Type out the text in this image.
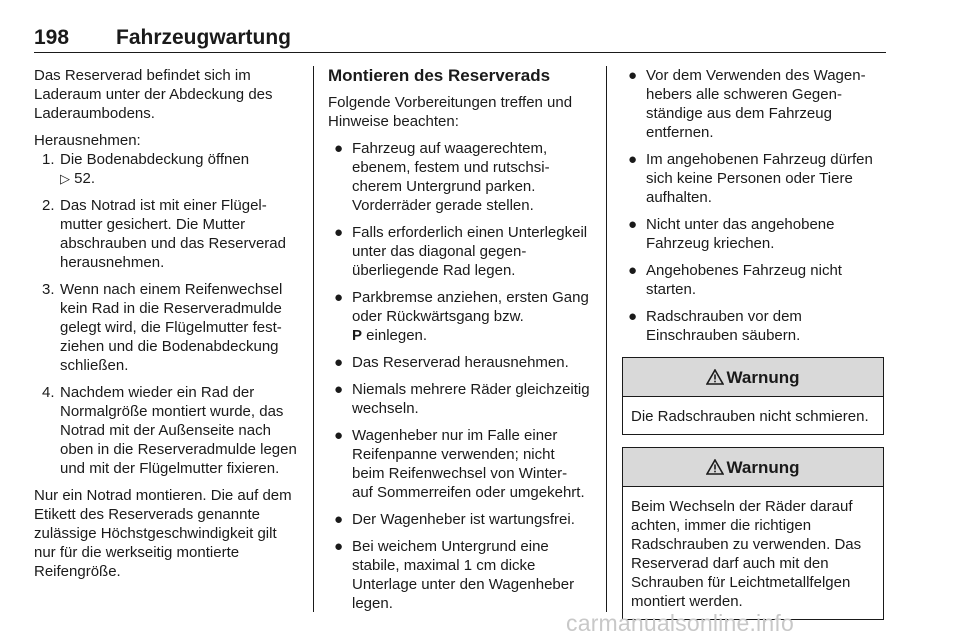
198 Fahrzeugwartung

Das Reserverad befindet sich im Laderaum unter der Abdeckung des Laderaumbodens.

Herausnehmen:

1. Die Bodenabdeckung öffnen
▷ 52.
2. Das Notrad ist mit einer Flügelmutter gesichert. Die Mutter abschrauben und das Reserverad herausnehmen.
3. Wenn nach einem Reifenwechsel kein Rad in die Reserveradmulde gelegt wird, die Flügelmutter festziehen und die Bodenabdeckung schließen.
4. Nachdem wieder ein Rad der Normalgröße montiert wurde, das Notrad mit der Außenseite nach oben in die Reserveradmulde legen und mit der Flügelmutter fixieren.

Nur ein Notrad montieren. Die auf dem Etikett des Reserverads genannte zulässige Höchstgeschwindigkeit gilt nur für die werkseitig montierte Reifengröße.

Montieren des Reserverads

Folgende Vorbereitungen treffen und Hinweise beachten:

● Fahrzeug auf waagerechtem, ebenem, festem und rutschsicherem Untergrund parken. Vorderräder gerade stellen.
● Falls erforderlich einen Unterlegkeil unter das diagonal gegenüberliegende Rad legen.
● Parkbremse anziehen, ersten Gang oder Rückwärtsgang bzw.
P einlegen.
● Das Reserverad herausnehmen.
● Niemals mehrere Räder gleichzeitig wechseln.
● Wagenheber nur im Falle einer Reifenpanne verwenden; nicht beim Reifenwechsel von Winter- auf Sommerreifen oder umgekehrt.
● Der Wagenheber ist wartungsfrei.
● Bei weichem Untergrund eine stabile, maximal 1 cm dicke Unterlage unter den Wagenheber legen.
● Vor dem Verwenden des Wagenhebers alle schweren Gegenständige aus dem Fahrzeug entfernen.
● Im angehobenen Fahrzeug dürfen sich keine Personen oder Tiere aufhalten.
● Nicht unter das angehobene Fahrzeug kriechen.
● Angehobenes Fahrzeug nicht starten.
● Radschrauben vor dem Einschrauben säubern.
Warnung
Die Radschrauben nicht schmieren.
Warnung
Beim Wechseln der Räder darauf achten, immer die richtigen Radschrauben zu verwenden. Das Reserverad darf auch mit den Schrauben für Leichtmetallfelgen montiert werden.
carmanualsonline.info
